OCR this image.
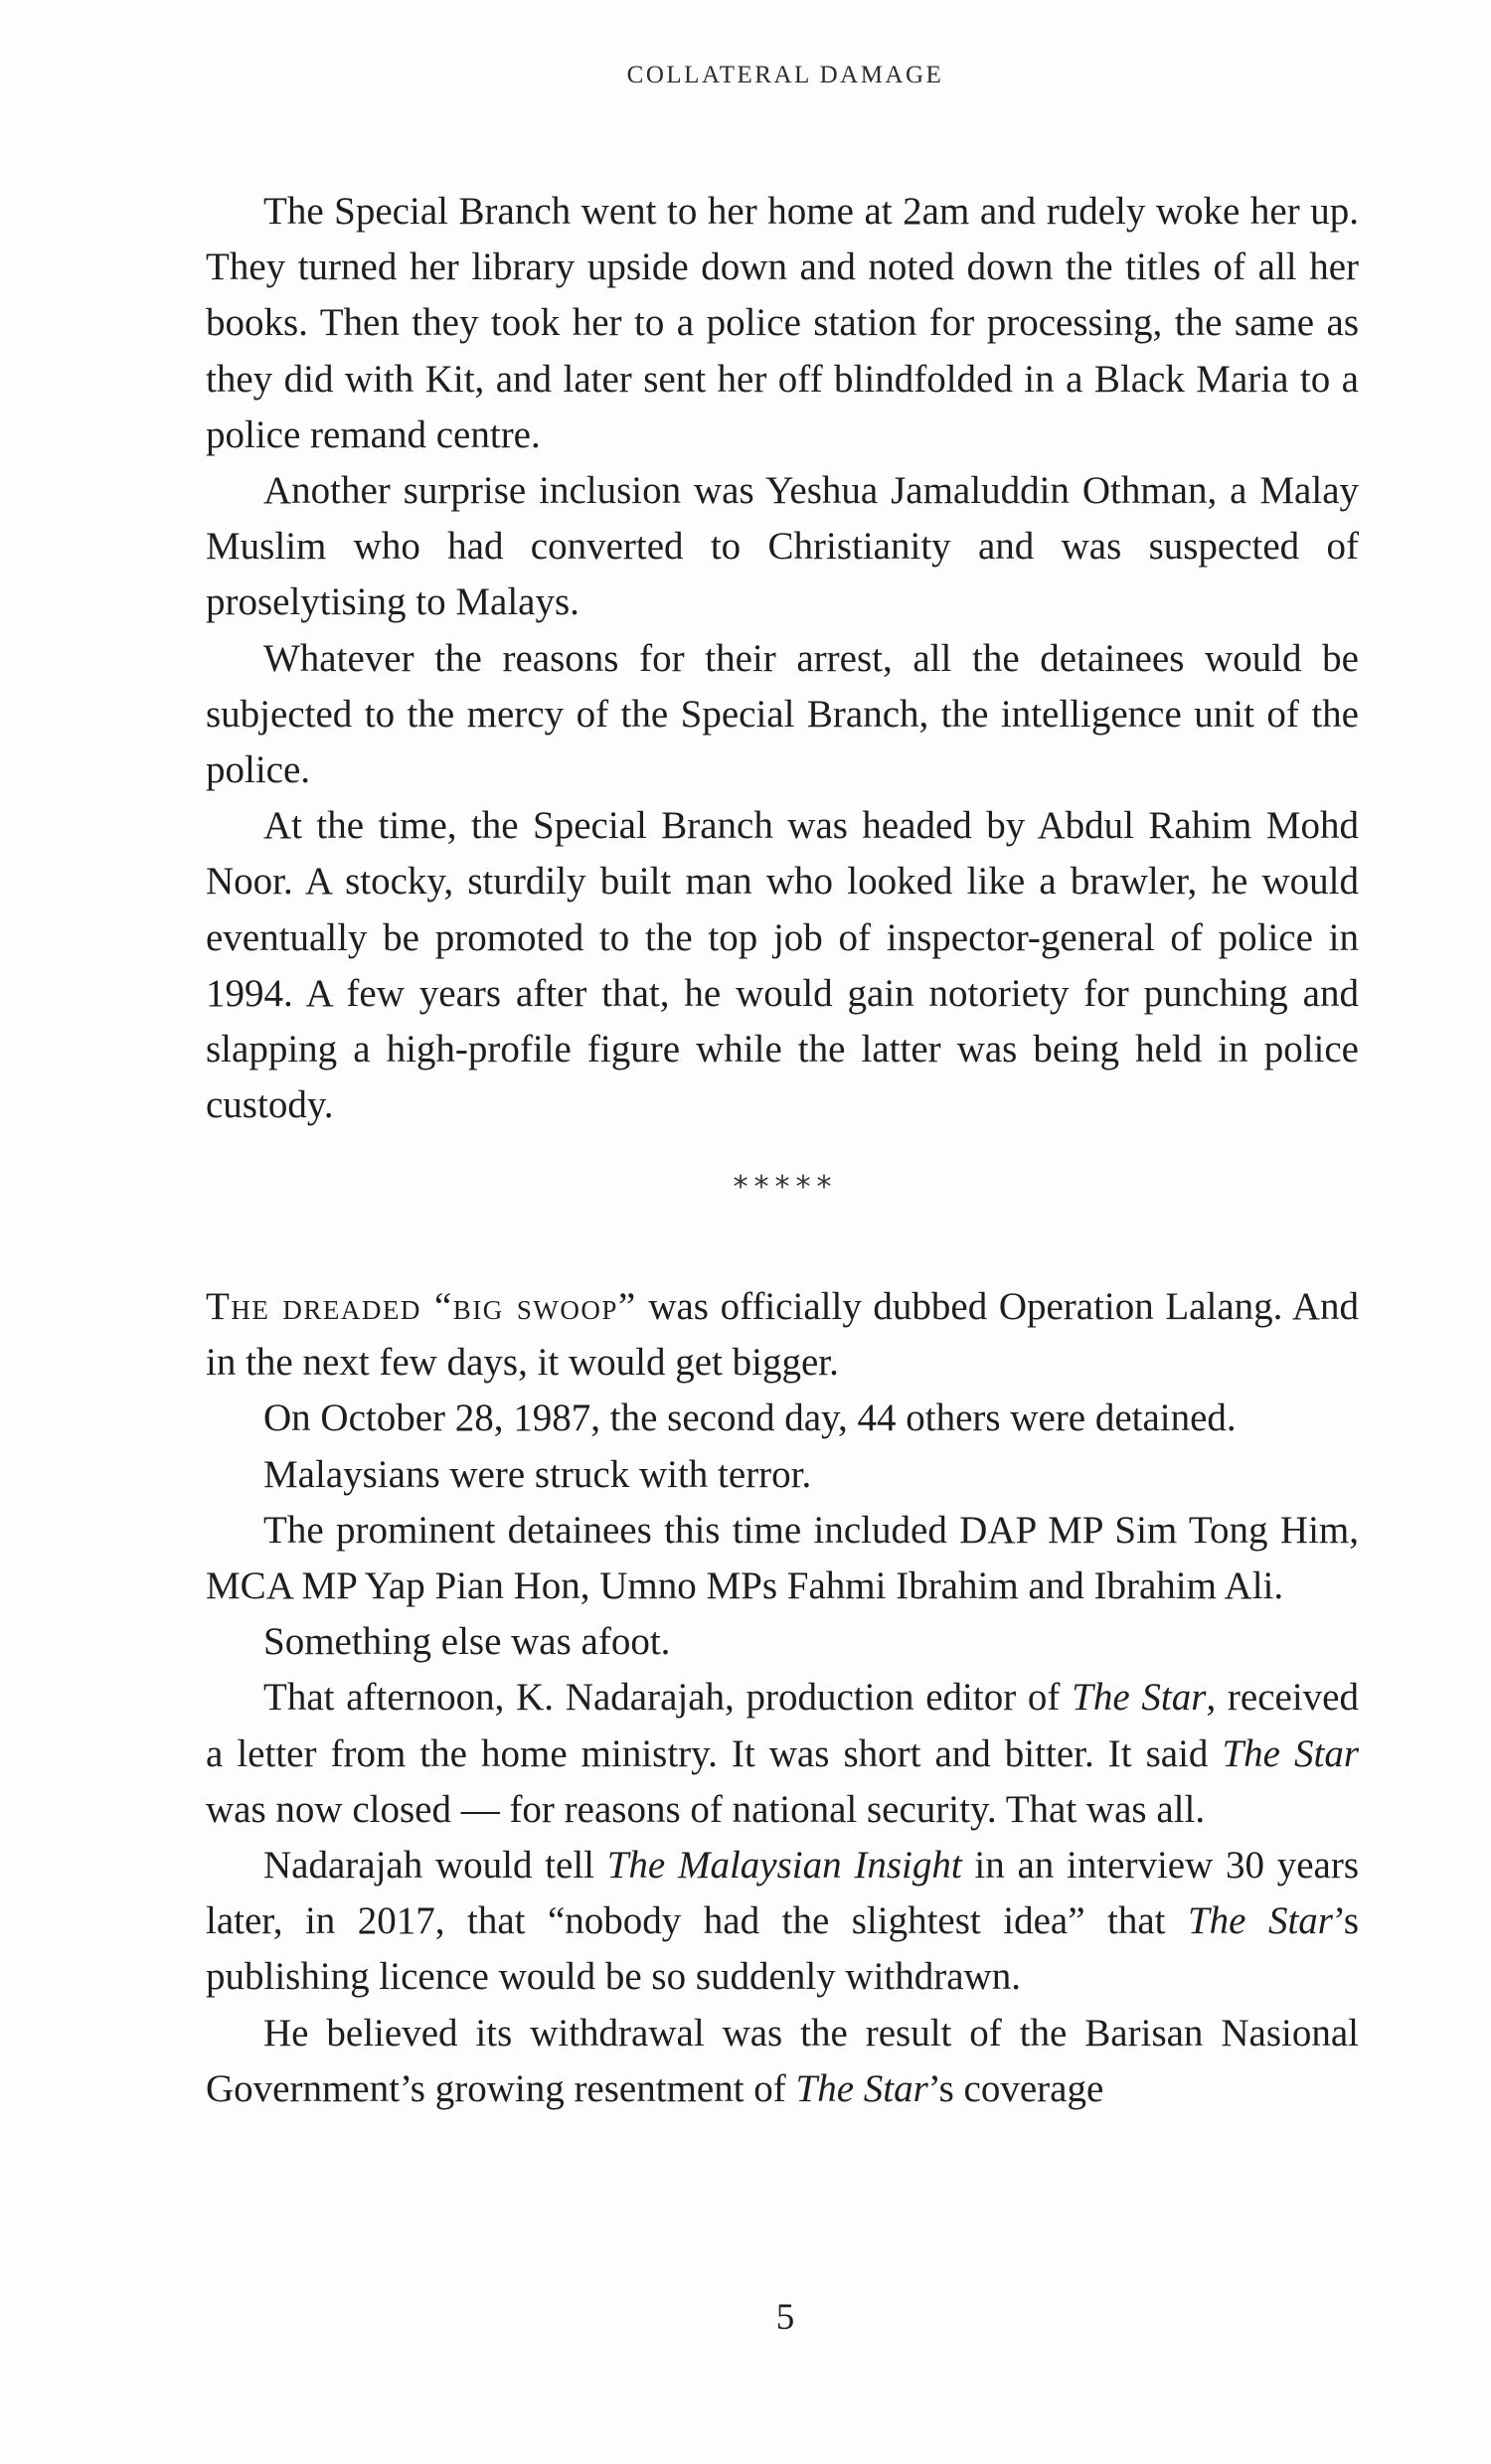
COLLATERAL DAMAGE

The Special Branch went to her home at 2am and rudely woke her up. They turned her library upside down and noted down the titles of all her books. Then they took her to a police station for processing, the same as they did with Kit, and later sent her off blindfolded in a Black Maria to a police remand centre.

Another surprise inclusion was Yeshua Jamaluddin Othman, a Malay Muslim who had converted to Christianity and was suspected of proselytising to Malays.

Whatever the reasons for their arrest, all the detainees would be subjected to the mercy of the Special Branch, the intelligence unit of the police.

At the time, the Special Branch was headed by Abdul Rahim Mohd Noor. A stocky, sturdily built man who looked like a brawler, he would eventually be promoted to the top job of inspector-general of police in 1994. A few years after that, he would gain notoriety for punching and slapping a high-profile figure while the latter was being held in police custody.

*****

The dreaded “big swoop” was officially dubbed Operation Lalang. And in the next few days, it would get bigger.

On October 28, 1987, the second day, 44 others were detained.

Malaysians were struck with terror.

The prominent detainees this time included DAP MP Sim Tong Him, MCA MP Yap Pian Hon, Umno MPs Fahmi Ibrahim and Ibrahim Ali.

Something else was afoot.

That afternoon, K. Nadarajah, production editor of The Star, received a letter from the home ministry. It was short and bitter. It said The Star was now closed — for reasons of national security. That was all.

Nadarajah would tell The Malaysian Insight in an interview 30 years later, in 2017, that “nobody had the slightest idea” that The Star’s publishing licence would be so suddenly withdrawn.

He believed its withdrawal was the result of the Barisan Nasional Government’s growing resentment of The Star’s coverage

5
